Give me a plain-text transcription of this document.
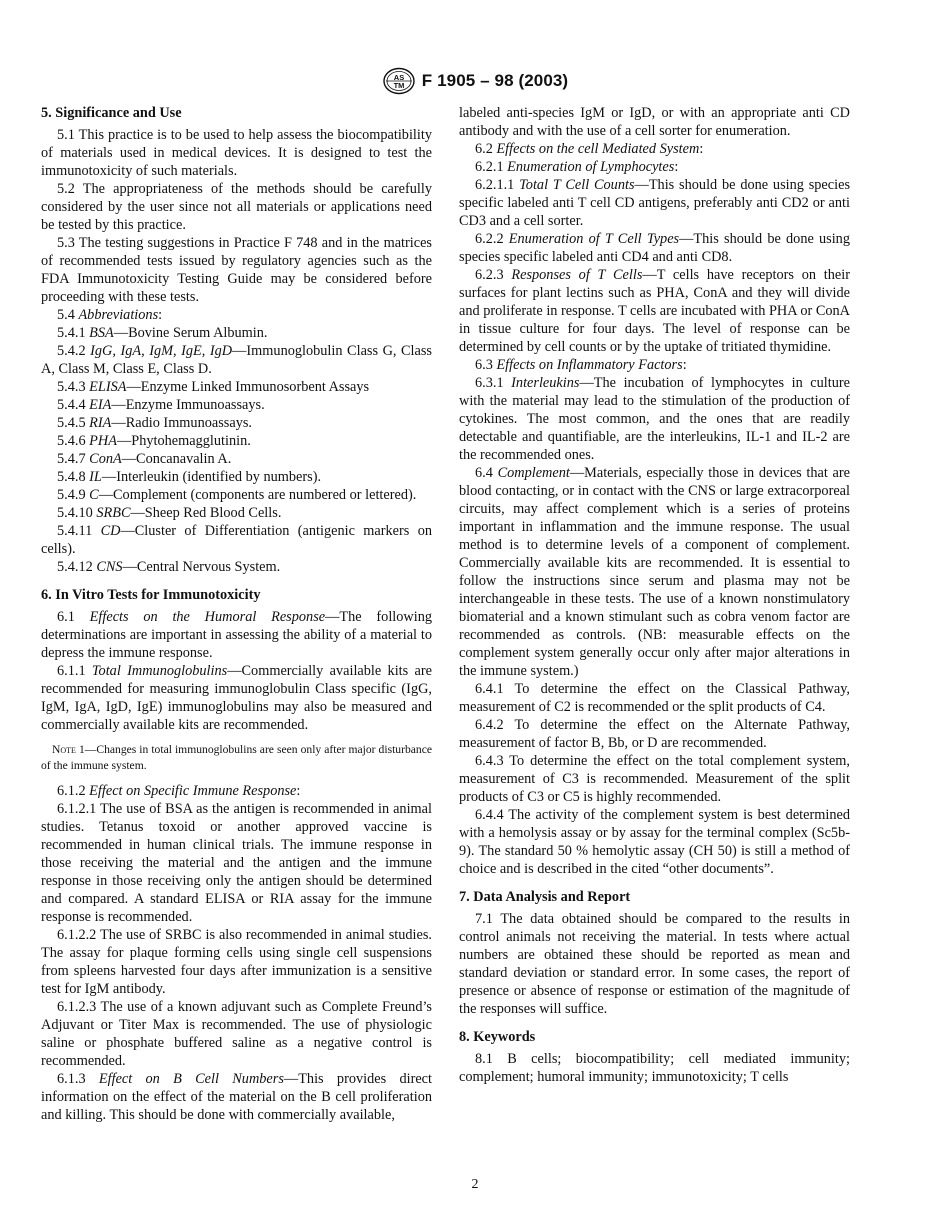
AS
TM F 1905 – 98 (2003)
5. Significance and Use

5.1 This practice is to be used to help assess the biocompatibility of materials used in medical devices. It is designed to test the immunotoxicity of such materials.

5.2 The appropriateness of the methods should be carefully considered by the user since not all materials or applications need be tested by this practice.

5.3 The testing suggestions in Practice F 748 and in the matrices of recommended tests issued by regulatory agencies such as the FDA Immunotoxicity Testing Guide may be considered before proceeding with these tests.

5.4 Abbreviations:

5.4.1 BSA—Bovine Serum Albumin.

5.4.2 IgG, IgA, IgM, IgE, IgD—Immunoglobulin Class G, Class A, Class M, Class E, Class D.

5.4.3 ELISA—Enzyme Linked Immunosorbent Assays

5.4.4 EIA—Enzyme Immunoassays.

5.4.5 RIA—Radio Immunoassays.

5.4.6 PHA—Phytohemagglutinin.

5.4.7 ConA—Concanavalin A.

5.4.8 IL—Interleukin (identified by numbers).

5.4.9 C—Complement (components are numbered or lettered).

5.4.10 SRBC—Sheep Red Blood Cells.

5.4.11 CD—Cluster of Differentiation (antigenic markers on cells).

5.4.12 CNS—Central Nervous System.

6. In Vitro Tests for Immunotoxicity

6.1 Effects on the Humoral Response—The following determinations are important in assessing the ability of a material to depress the immune response.

6.1.1 Total Immunoglobulins—Commercially available kits are recommended for measuring immunoglobulin Class specific (IgG, IgM, IgA, IgD, IgE) immunoglobulins may also be measured and commercially available kits are recommended.

Note 1—Changes in total immunoglobulins are seen only after major disturbance of the immune system.

6.1.2 Effect on Specific Immune Response:

6.1.2.1 The use of BSA as the antigen is recommended in animal studies. Tetanus toxoid or another approved vaccine is recommended in human clinical trials. The immune response in those receiving the material and the antigen and the immune response in those receiving only the antigen should be determined and compared. A standard ELISA or RIA assay for the immune response is recommended.

6.1.2.2 The use of SRBC is also recommended in animal studies. The assay for plaque forming cells using single cell suspensions from spleens harvested four days after immunization is a sensitive test for IgM antibody.

6.1.2.3 The use of a known adjuvant such as Complete Freund’s Adjuvant or Titer Max is recommended. The use of physiologic saline or phosphate buffered saline as a negative control is recommended.

6.1.3 Effect on B Cell Numbers—This provides direct information on the effect of the material on the B cell proliferation and killing. This should be done with commercially available,

labeled anti-species IgM or IgD, or with an appropriate anti CD antibody and with the use of a cell sorter for enumeration.

6.2 Effects on the cell Mediated System:

6.2.1 Enumeration of Lymphocytes:

6.2.1.1 Total T Cell Counts—This should be done using species specific labeled anti T cell CD antigens, preferably anti CD2 or anti CD3 and a cell sorter.

6.2.2 Enumeration of T Cell Types—This should be done using species specific labeled anti CD4 and anti CD8.

6.2.3 Responses of T Cells—T cells have receptors on their surfaces for plant lectins such as PHA, ConA and they will divide and proliferate in response. T cells are incubated with PHA or ConA in tissue culture for four days. The level of response can be determined by cell counts or by the uptake of tritiated thymidine.

6.3 Effects on Inflammatory Factors:

6.3.1 Interleukins—The incubation of lymphocytes in culture with the material may lead to the stimulation of the production of cytokines. The most common, and the ones that are readily detectable and quantifiable, are the interleukins, IL-1 and IL-2 are the recommended ones.

6.4 Complement—Materials, especially those in devices that are blood contacting, or in contact with the CNS or large extracorporeal circuits, may affect complement which is a series of proteins important in inflammation and the immune response. The usual method is to determine levels of a component of complement. Commercially available kits are recommended. It is essential to follow the instructions since serum and plasma may not be interchangeable in these tests. The use of a known nonstimulatory biomaterial and a known stimulant such as cobra venom factor are recommended as controls. (NB: measurable effects on the complement system generally occur only after major alterations in the immune system.)

6.4.1 To determine the effect on the Classical Pathway, measurement of C2 is recommended or the split products of C4.

6.4.2 To determine the effect on the Alternate Pathway, measurement of factor B, Bb, or D are recommended.

6.4.3 To determine the effect on the total complement system, measurement of C3 is recommended. Measurement of the split products of C3 or C5 is highly recommended.

6.4.4 The activity of the complement system is best determined with a hemolysis assay or by assay for the terminal complex (Sc5b-9). The standard 50 % hemolytic assay (CH 50) is still a method of choice and is described in the cited “other documents”.

7. Data Analysis and Report

7.1 The data obtained should be compared to the results in control animals not receiving the material. In tests where actual numbers are obtained these should be reported as mean and standard deviation or standard error. In some cases, the report of presence or absence of response or estimation of the magnitude of the responses will suffice.

8. Keywords

8.1 B cells; biocompatibility; cell mediated immunity; complement; humoral immunity; immunotoxicity; T cells

2
